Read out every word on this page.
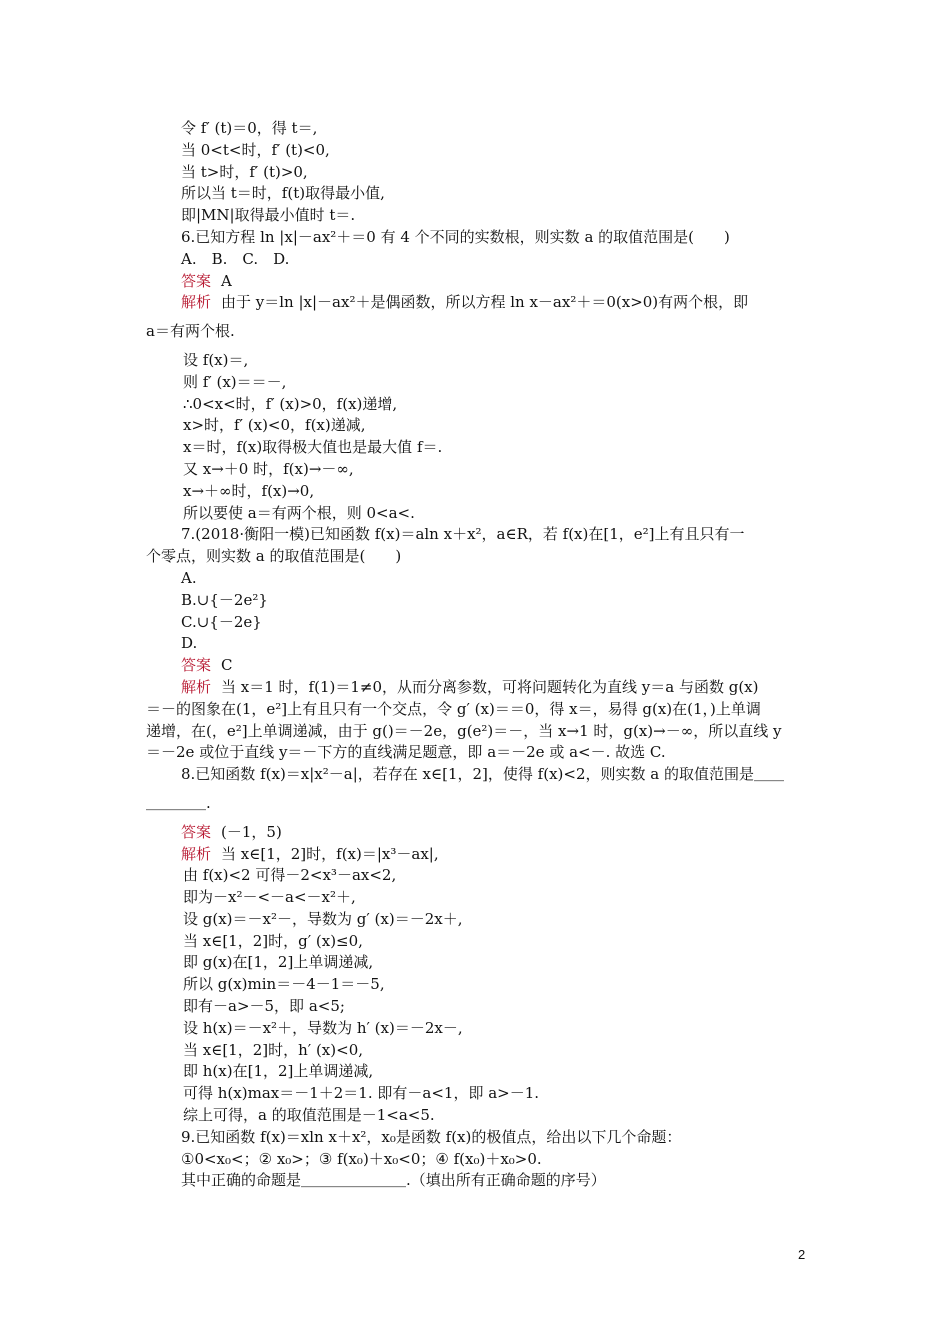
令 f′ (t)＝0，得 t＝,
当 0<t<时，f′ (t)<0,
当 t>时，f′ (t)>0,
所以当 t＝时，f(t)取得最小值,
即|MN|取得最小值时 t＝.
6.已知方程 ln |x|－ax²＋＝0 有 4 个不同的实数根，则实数 a 的取值范围是(　　)
A.　B.　C.　D.
答案 A
解析 由于 y＝ln |x|－ax²＋是偶函数，所以方程 ln x－ax²＋＝0(x>0)有两个根，即
a＝有两个根.
设 f(x)＝,
则 f′ (x)＝＝－,
∴0<x<时，f′ (x)>0，f(x)递增,
x>时，f′ (x)<0，f(x)递减,
x＝时，f(x)取得极大值也是最大值 f＝.
又 x→＋0 时，f(x)→－∞,
x→＋∞时，f(x)→0,
所以要使 a＝有两个根，则 0<a<.
7.(2018·衡阳一模)已知函数 f(x)＝aln x＋x²，a∈R，若 f(x)在[1，e²]上有且只有一
个零点，则实数 a 的取值范围是(　　)
A.
B.∪{－2e²}
C.∪{－2e}
D.
答案 C
解析 当 x＝1 时，f(1)＝1≠0，从而分离参数，可将问题转化为直线 y＝a 与函数 g(x)
＝－的图象在(1，e²]上有且只有一个交点，令 g′ (x)＝＝0，得 x＝，易得 g(x)在(1，)上单调
递增，在(，e²]上单调递减，由于 g()＝－2e，g(e²)＝－，当 x→1 时，g(x)→－∞，所以直线 y
＝－2e 或位于直线 y＝－下方的直线满足题意，即 a＝－2e 或 a<－. 故选 C.
8.已知函数 f(x)＝x|x²－a|，若存在 x∈[1，2]，使得 f(x)<2，则实数 a 的取值范围是＿＿
＿＿＿＿.
答案 (－1，5)
解析 当 x∈[1，2]时，f(x)＝|x³－ax|,
由 f(x)<2 可得－2<x³－ax<2,
即为－x²－<－a<－x²＋,
设 g(x)＝－x²－，导数为 g′ (x)＝－2x＋,
当 x∈[1，2]时，g′ (x)≤0,
即 g(x)在[1，2]上单调递减,
所以 g(x)min＝－4－1＝－5,
即有－a>－5，即 a<5;
设 h(x)＝－x²＋，导数为 h′ (x)＝－2x－,
当 x∈[1，2]时，h′ (x)<0,
即 h(x)在[1，2]上单调递减,
可得 h(x)max＝－1＋2＝1. 即有－a<1，即 a>－1.
综上可得，a 的取值范围是－1<a<5.
9.已知函数 f(x)＝xln x＋x²，x₀是函数 f(x)的极值点，给出以下几个命题：
①0<x₀<；② x₀>；③ f(x₀)＋x₀<0；④ f(x₀)＋x₀>0.
其中正确的命题是＿＿＿＿＿＿＿.（填出所有正确命题的序号）
2
